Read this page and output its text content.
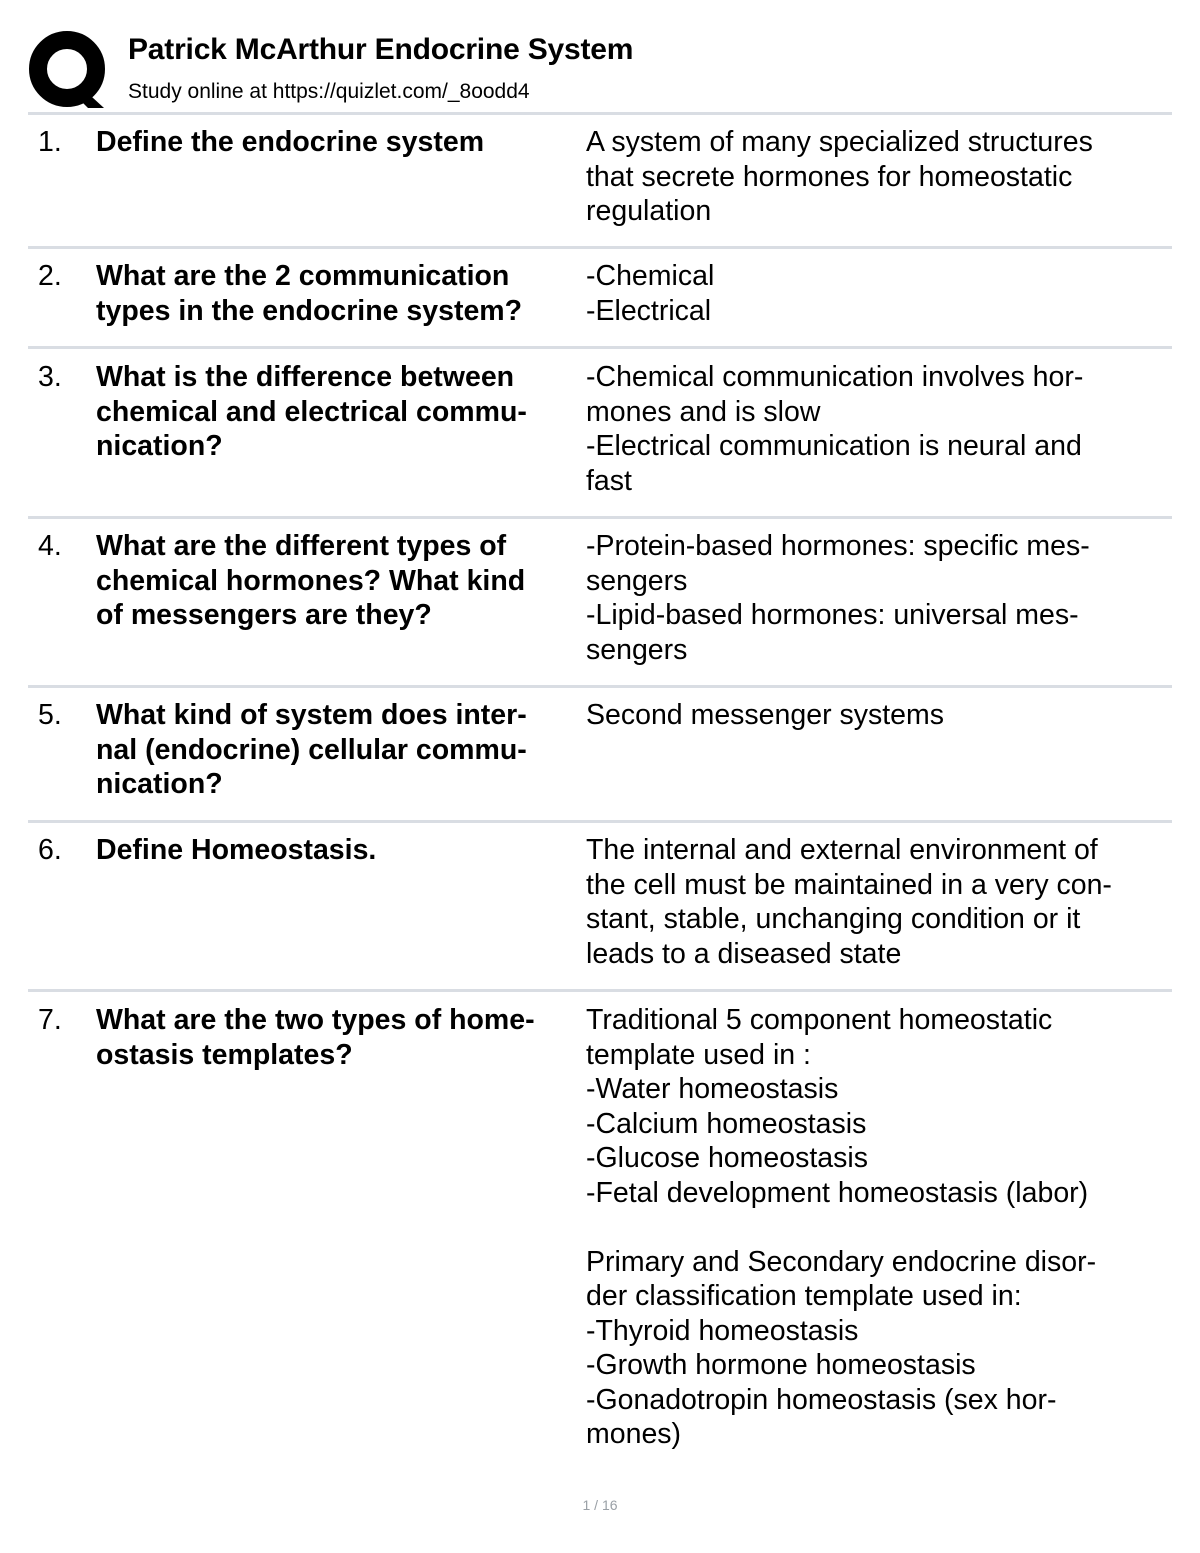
Patrick McArthur Endocrine System
Study online at https://quizlet.com/_8oodd4
1. Define the endocrine system	A system of many specialized structures
that secrete hormones for homeostatic
regulation
2. What are the 2 communication
types in the endocrine system?
-Chemical
-Electrical
3. What is the difference between
chemical and electrical commu-
nication?
-Chemical communication involves hor-
mones and is slow
-Electrical communication is neural and
fast
4. What are the different types of
chemical hormones? What kind
of messengers are they?
-Protein-based hormones: specific mes-
sengers
-Lipid-based hormones: universal mes-
sengers
5. What kind of system does inter-
nal (endocrine) cellular commu-
nication?
Second messenger systems
6. Define Homeostasis.	The internal and external environment of
the cell must be maintained in a very con-
stant, stable, unchanging condition or it
leads to a diseased state
7. What are the two types of home-
ostasis templates?
Traditional 5 component homeostatic
template used in :
-Water homeostasis
-Calcium homeostasis
-Glucose homeostasis
-Fetal development homeostasis (labor)
Primary and Secondary endocrine disor-
der classification template used in:
-Thyroid homeostasis
-Growth hormone homeostasis
-Gonadotropin homeostasis (sex hor-
mones)
1 / 16
